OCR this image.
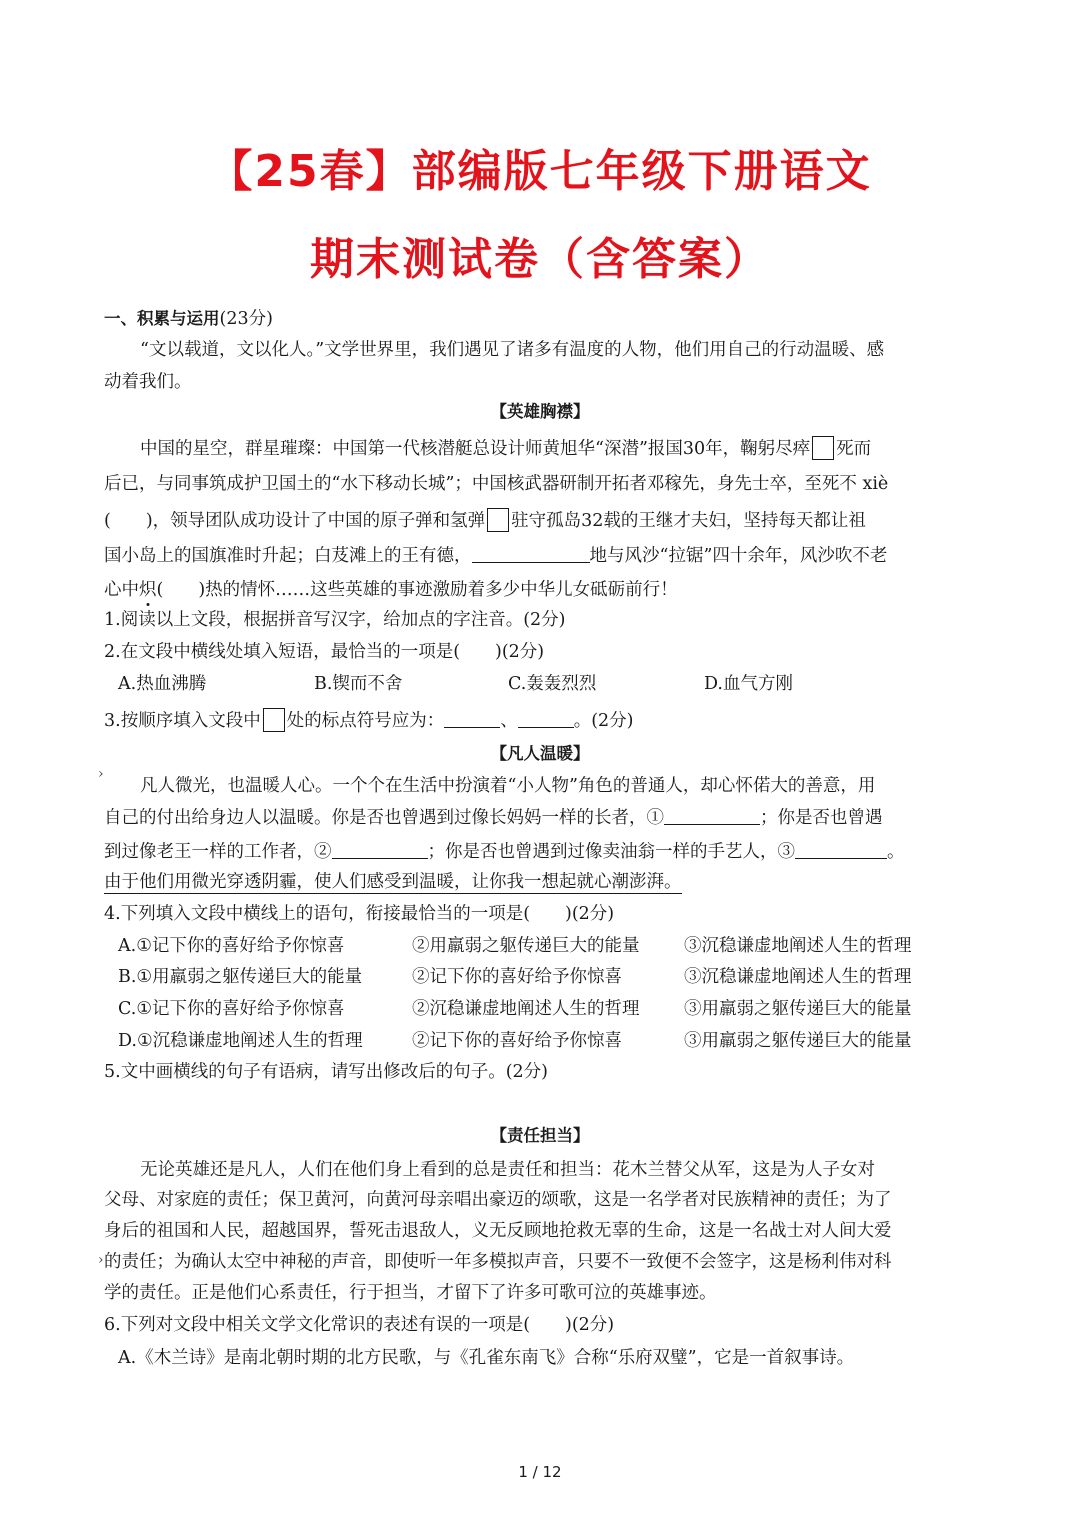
【25春】部编版七年级下册语文
期末测试卷（含答案）
一、积累与运用(23分)
“文以载道，文以化人。”文学世界里，我们遇见了诸多有温度的人物，他们用自己的行动温暖、感
动着我们。
【英雄胸襟】
中国的星空，群星璀璨：中国第一代核潜艇总设计师黄旭华“深潜”报国30年，鞠躬尽瘁 死而
后已，与同事筑成护卫国土的“水下移动长城”；中国核武器研制开拓者邓稼先，身先士卒，至死不 xiè
(　　)，领导团队成功设计了中国的原子弹和氢弹 驻守孤岛32载的王继才夫妇，坚持每天都让祖
国小岛上的国旗准时升起；白芨滩上的王有德，	地与风沙“拉锯”四十余年，风沙吹不老
心中炽(　　)热的情怀……这些英雄的事迹激励着多少中华儿女砥砺前行！
1.阅读以上文段，根据拼音写汉字，给加点的字注音。(2分)
2.在文段中横线处填入短语，最恰当的一项是(　　)(2分)
A.热血沸腾	B.锲而不舍	C.轰轰烈烈	D.血气方刚
3.按顺序填入文段中 处的标点符号应为：	、	。(2分)
【凡人温暖】
›
凡人微光，也温暖人心。一个个在生活中扮演着“小人物”角色的普通人，却心怀偌大的善意，用
自己的付出给身边人以温暖。你是否也曾遇到过像长妈妈一样的长者，①	；你是否也曾遇
到过像老王一样的工作者，②	；你是否也曾遇到过像卖油翁一样的手艺人，③	。
由于他们用微光穿透阴霾，使人们感受到温暖，让你我一想起就心潮澎湃。
4.下列填入文段中横线上的语句，衔接最恰当的一项是(　　)(2分)
A.①记下你的喜好给予你惊喜	②用羸弱之躯传递巨大的能量	③沉稳谦虚地阐述人生的哲理
B.①用羸弱之躯传递巨大的能量	②记下你的喜好给予你惊喜	③沉稳谦虚地阐述人生的哲理
C.①记下你的喜好给予你惊喜	②沉稳谦虚地阐述人生的哲理	③用羸弱之躯传递巨大的能量
D.①沉稳谦虚地阐述人生的哲理	②记下你的喜好给予你惊喜	③用羸弱之躯传递巨大的能量
5.文中画横线的句子有语病，请写出修改后的句子。(2分)
【责任担当】
无论英雄还是凡人，人们在他们身上看到的总是责任和担当：花木兰替父从军，这是为人子女对
父母、对家庭的责任；保卫黄河，向黄河母亲唱出豪迈的颂歌，这是一名学者对民族精神的责任；为了
身后的祖国和人民，超越国界，誓死击退敌人，义无反顾地抢救无辜的生命，这是一名战士对人间大爱
› 的责任；为确认太空中神秘的声音，即使听一年多模拟声音，只要不一致便不会签字，这是杨利伟对科
学的责任。正是他们心系责任，行于担当，才留下了许多可歌可泣的英雄事迹。
6.下列对文段中相关文学文化常识的表述有误的一项是(　　)(2分)
A.《木兰诗》是南北朝时期的北方民歌，与《孔雀东南飞》合称“乐府双璧”，它是一首叙事诗。
1 / 12
